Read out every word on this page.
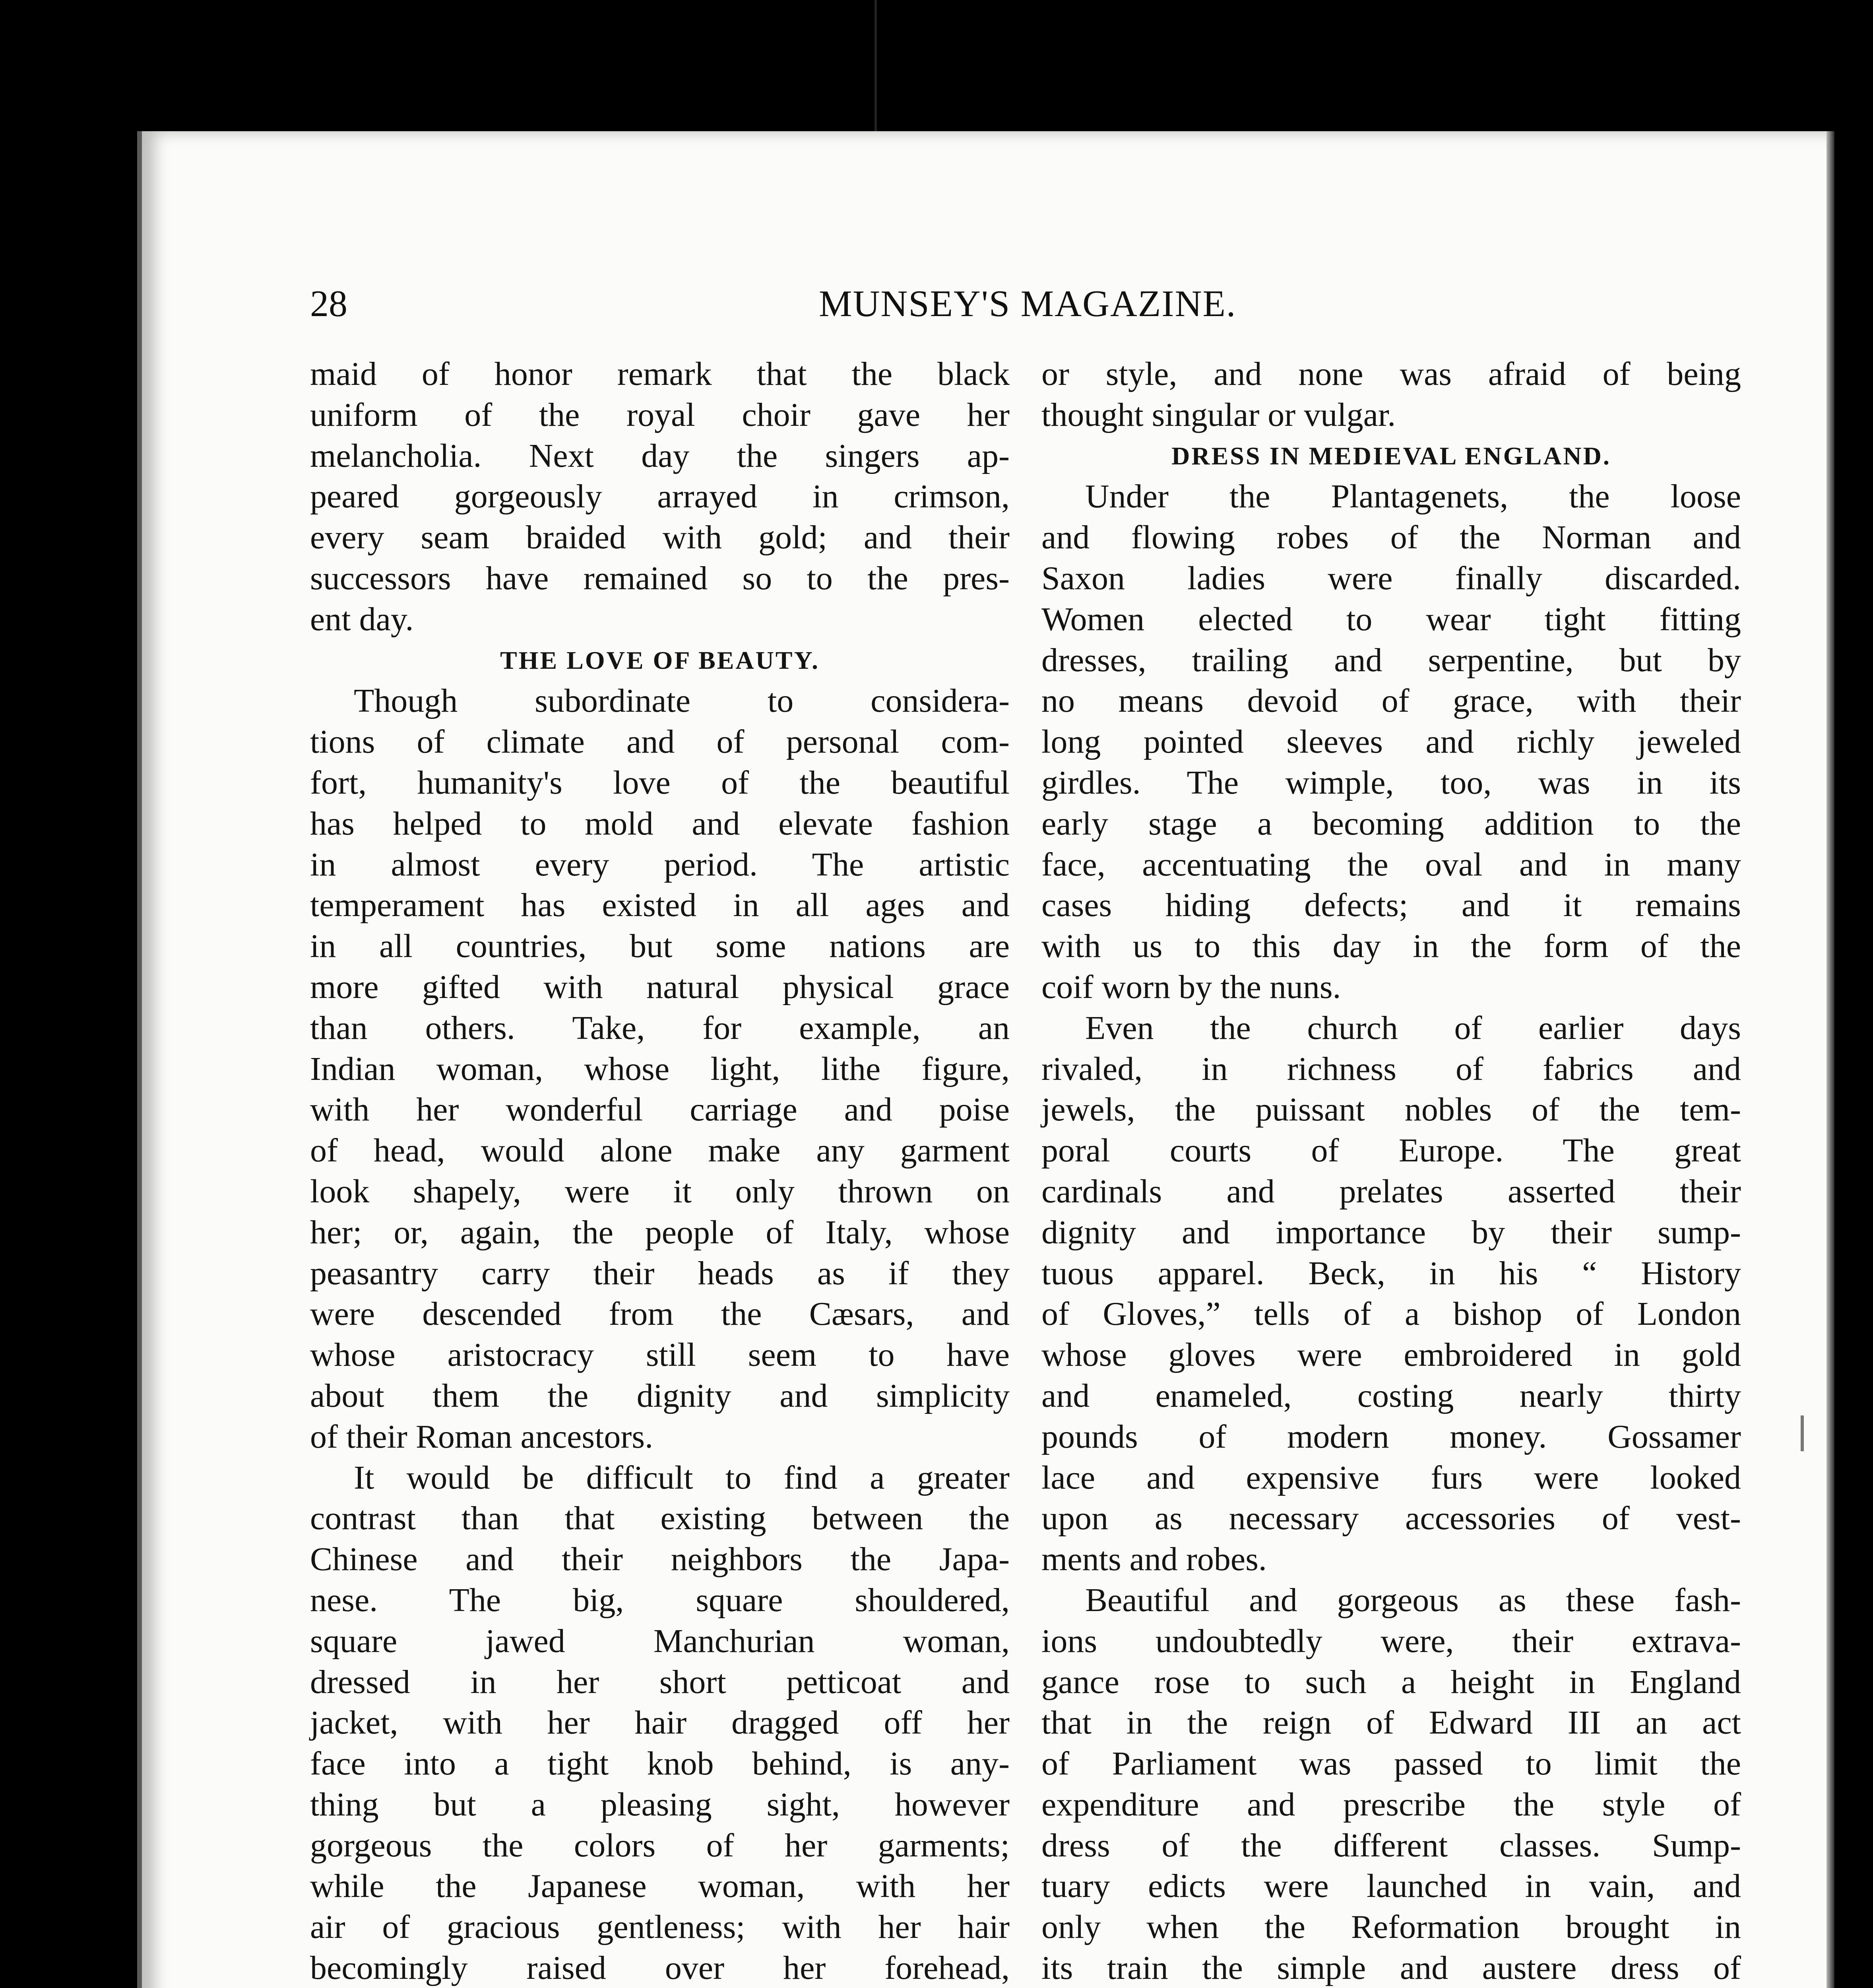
28	MUNSEY'S MAGAZINE.
maid of honor remark that the black
uniform of the royal choir gave her
melancholia. Next day the singers ap-
peared gorgeously arrayed in crimson,
every seam braided with gold; and their
successors have remained so to the pres-
ent day.
THE LOVE OF BEAUTY.
Though subordinate to considera-
tions of climate and of personal com-
fort, humanity's love of the beautiful
has helped to mold and elevate fashion
in almost every period. The artistic
temperament has existed in all ages and
in all countries, but some nations are
more gifted with natural physical grace
than others. Take, for example, an
Indian woman, whose light, lithe figure,
with her wonderful carriage and poise
of head, would alone make any garment
look shapely, were it only thrown on
her; or, again, the people of Italy, whose
peasantry carry their heads as if they
were descended from the Cæsars, and
whose aristocracy still seem to have
about them the dignity and simplicity
of their Roman ancestors.
It would be difficult to find a greater
contrast than that existing between the
Chinese and their neighbors the Japa-
nese. The big, square shouldered,
square jawed Manchurian woman,
dressed in her short petticoat and
jacket, with her hair dragged off her
face into a tight knob behind, is any-
thing but a pleasing sight, however
gorgeous the colors of her garments;
while the Japanese woman, with her
air of gracious gentleness; with her hair
becomingly raised over her forehead,
or style, and none was afraid of being
thought singular or vulgar.
DRESS IN MEDIEVAL ENGLAND.
Under the Plantagenets, the loose
and flowing robes of the Norman and
Saxon ladies were finally discarded.
Women elected to wear tight fitting
dresses, trailing and serpentine, but by
no means devoid of grace, with their
long pointed sleeves and richly jeweled
girdles. The wimple, too, was in its
early stage a becoming addition to the
face, accentuating the oval and in many
cases hiding defects; and it remains
with us to this day in the form of the
coif worn by the nuns.
Even the church of earlier days
rivaled, in richness of fabrics and
jewels, the puissant nobles of the tem-
poral courts of Europe. The great
cardinals and prelates asserted their
dignity and importance by their sump-
tuous apparel. Beck, in his “ History
of Gloves,” tells of a bishop of London
whose gloves were embroidered in gold
and enameled, costing nearly thirty
pounds of modern money. Gossamer
lace and expensive furs were looked
upon as necessary accessories of vest-
ments and robes.
Beautiful and gorgeous as these fash-
ions undoubtedly were, their extrava-
gance rose to such a height in England
that in the reign of Edward III an act
of Parliament was passed to limit the
expenditure and prescribe the style of
dress of the different classes. Sump-
tuary edicts were launched in vain, and
only when the Reformation brought in
its train the simple and austere dress of
